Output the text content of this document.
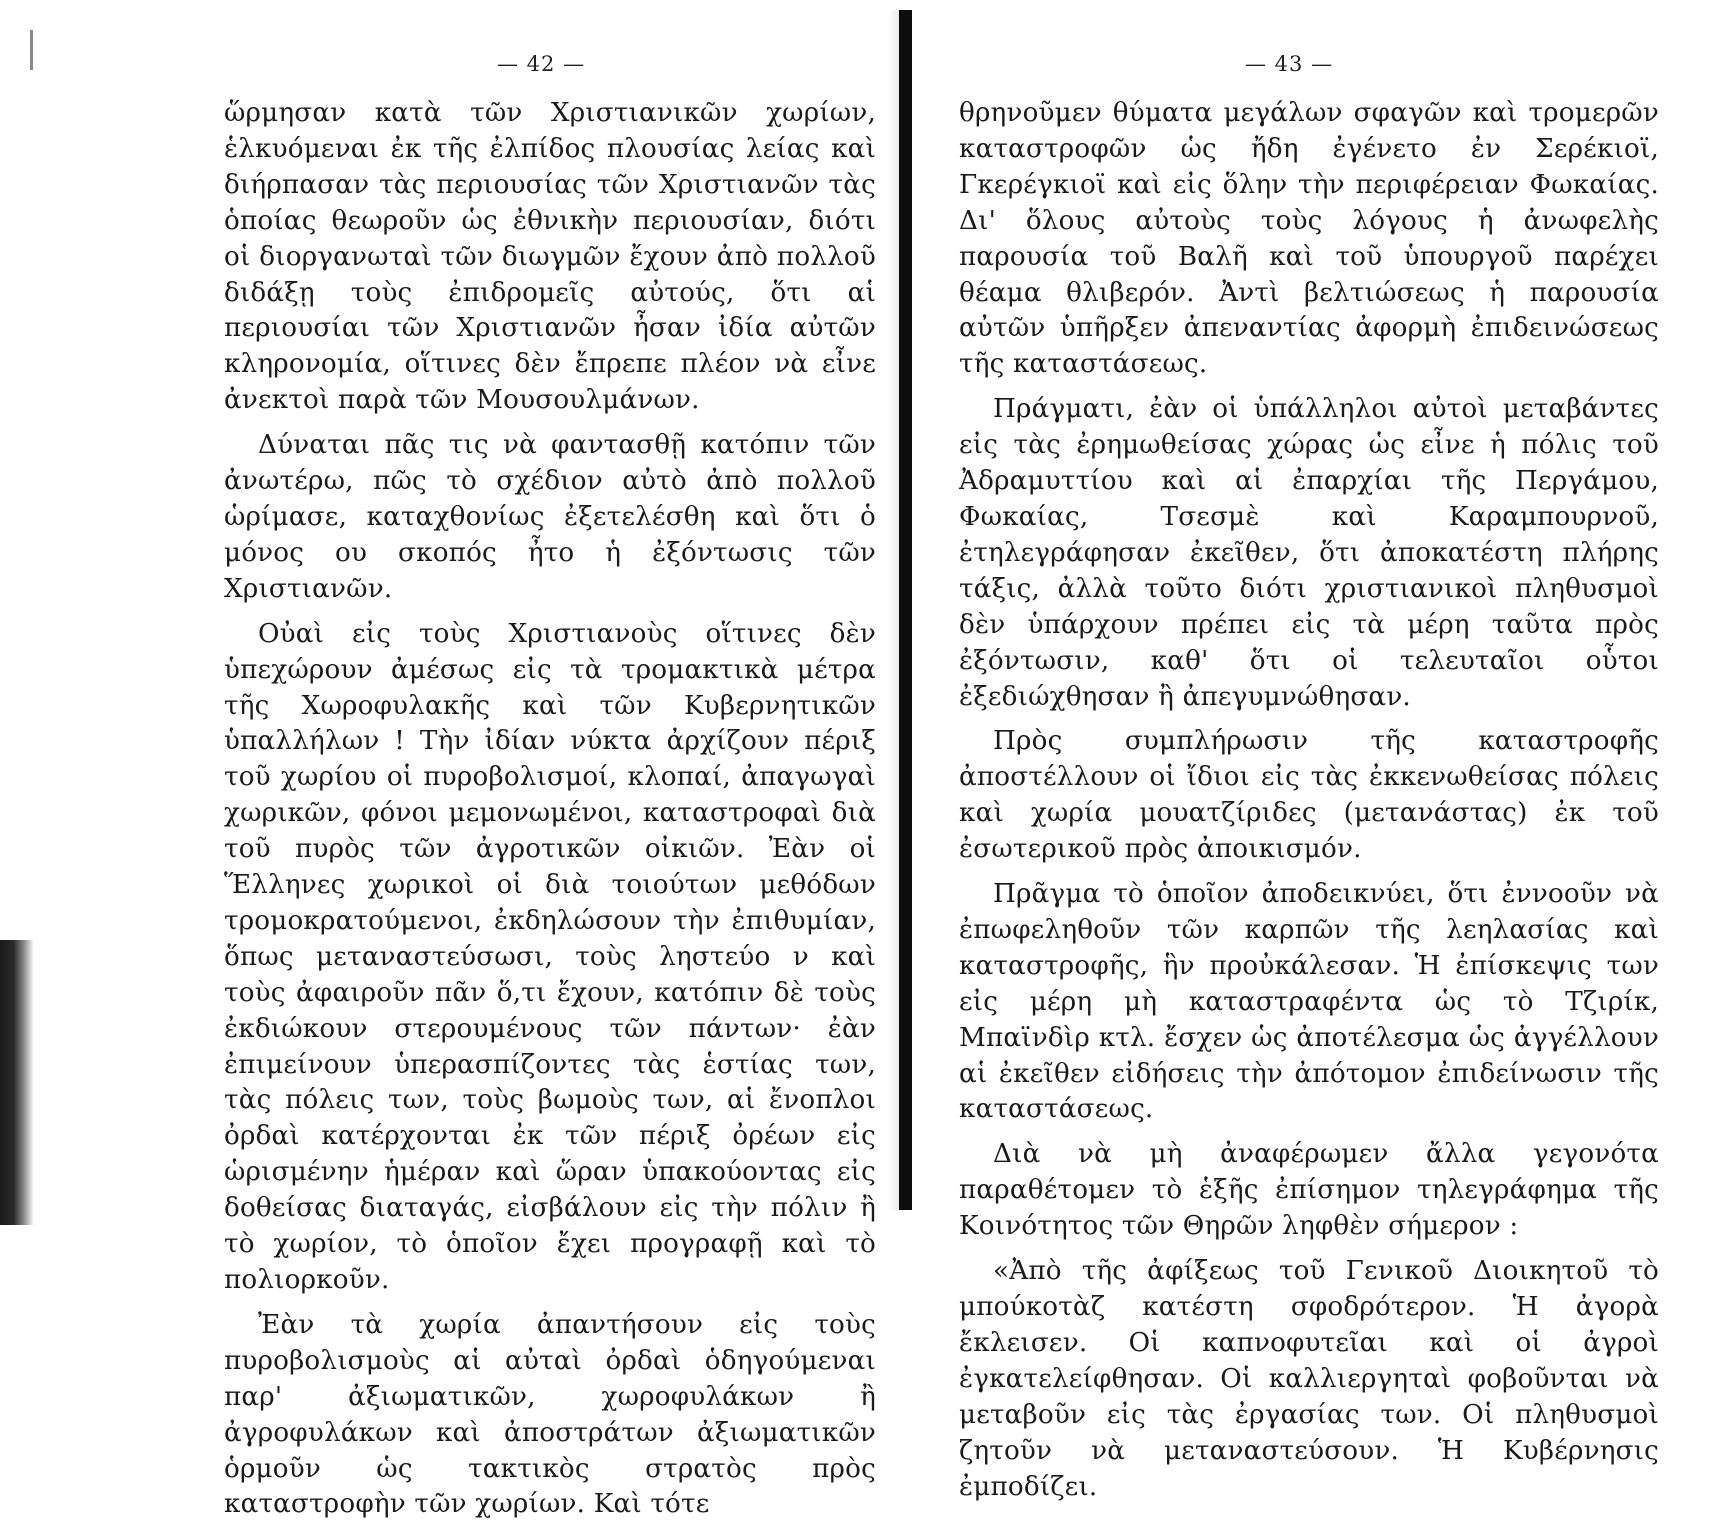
— 42 —

ὥρμησαν κατὰ τῶν Χριστιανικῶν χωρίων, ἑλκυόμεναι ἐκ τῆς ἐλπίδος πλουσίας λείας καὶ διήρπασαν τὰς περιουσίας τῶν Χριστιανῶν τὰς ὁποίας θεωροῦν ὡς ἐθνικὴν περιουσίαν, διότι οἱ διοργανωταὶ τῶν διωγμῶν ἔχουν ἀπὸ πολλοῦ διδάξῃ τοὺς ἐπιδρομεῖς αὐτούς, ὅτι αἱ περιουσίαι τῶν Χριστιανῶν ἦσαν ἰδία αὐτῶν κληρονομία, οἵτινες δὲν ἔπρεπε πλέον νὰ εἶνε ἀνεκτοὶ παρὰ τῶν Μουσουλμάνων.

Δύναται πᾶς τις νὰ φαντασθῇ κατόπιν τῶν ἀνωτέρω, πῶς τὸ σχέδιον αὐτὸ ἀπὸ πολλοῦ ὡρίμασε, καταχθονίως ἐξετελέσθη καὶ ὅτι ὁ μόνος ου σκοπός ἦτο ἡ ἐξόντωσις τῶν Χριστιανῶν.

Οὐαὶ εἰς τοὺς Χριστιανοὺς οἵτινες δὲν ὑπεχώρουν ἀμέσως εἰς τὰ τρομακτικὰ μέτρα τῆς Χωροφυλακῆς καὶ τῶν Κυβερνητικῶν ὑπαλλήλων ! Τὴν ἰδίαν νύκτα ἀρχίζουν πέριξ τοῦ χωρίου οἱ πυροβολισμοί, κλοπαί, ἀπαγωγαὶ χωρικῶν, φόνοι μεμονωμένοι, καταστροφαὶ διὰ τοῦ πυρὸς τῶν ἀγροτικῶν οἰκιῶν. Ἐὰν οἱ Ἕλληνες χωρικοὶ οἱ διὰ τοιούτων μεθόδων τρομοκρατούμενοι, ἐκδηλώσουν τὴν ἐπιθυμίαν, ὅπως μεταναστεύσωσι, τοὺς ληστεύο ν καὶ τοὺς ἀφαιροῦν πᾶν ὅ,τι ἔχουν, κατόπιν δὲ τοὺς ἐκδιώκουν στερουμένους τῶν πάντων· ἐὰν ἐπιμείνουν ὑπερασπίζοντες τὰς ἑστίας των, τὰς πόλεις των, τοὺς βωμοὺς των, αἱ ἔνοπλοι ὀρδαὶ κατέρχονται ἐκ τῶν πέριξ ὀρέων εἰς ὡρισμένην ἡμέραν καὶ ὥραν ὑπακούοντας εἰς δοθείσας διαταγάς, εἰσβάλουν εἰς τὴν πόλιν ἢ τὸ χωρίον, τὸ ὁποῖον ἔχει προγραφῇ καὶ τὸ πολιορκοῦν.

Ἐὰν τὰ χωρία ἀπαντήσουν εἰς τοὺς πυροβολισμοὺς αἱ αὐταὶ ὀρδαὶ ὁδηγούμεναι παρ' ἀξιωματικῶν, χωροφυλάκων ἢ ἀγροφυλάκων καὶ ἀποστράτων ἀξιωματικῶν ὁρμοῦν ὡς τακτικὸς στρατὸς πρὸς καταστροφὴν τῶν χωρίων. Καὶ τότε

— 43 —

θρηνοῦμεν θύματα μεγάλων σφαγῶν καὶ τρομερῶν καταστροφῶν ὡς ἤδη ἐγένετο ἐν Σερέκιοϊ, Γκερέγκιοϊ καὶ εἰς ὅλην τὴν περιφέρειαν Φωκαίας. Δι' ὅλους αὐτοὺς τοὺς λόγους ἡ ἀνωφελὴς παρουσία τοῦ Βαλῆ καὶ τοῦ ὑπουργοῦ παρέχει θέαμα θλιβερόν. Ἀντὶ βελτιώσεως ἡ παρουσία αὐτῶν ὑπῆρξεν ἀπεναντίας ἀφορμὴ ἐπιδεινώσεως τῆς καταστάσεως.

Πράγματι, ἐὰν οἱ ὑπάλληλοι αὐτοὶ μεταβάντες εἰς τὰς ἐρημωθείσας χώρας ὡς εἶνε ἡ πόλις τοῦ Ἀδραμυττίου καὶ αἱ ἐπαρχίαι τῆς Περγάμου, Φωκαίας, Τσεσμὲ καὶ Καραμπουρνοῦ, ἐτηλεγράφησαν ἐκεῖθεν, ὅτι ἀποκατέστη πλήρης τάξις, ἀλλὰ τοῦτο διότι χριστιανικοὶ πληθυσμοὶ δὲν ὑπάρχουν πρέπει εἰς τὰ μέρη ταῦτα πρὸς ἐξόντωσιν, καθ' ὅτι οἱ τελευταῖοι οὗτοι ἐξεδιώχθησαν ἢ ἀπεγυμνώθησαν.

Πρὸς συμπλήρωσιν τῆς καταστροφῆς ἀποστέλλουν οἱ ἴδιοι εἰς τὰς ἐκκενωθείσας πόλεις καὶ χωρία μουατζίριδες (μετανάστας) ἐκ τοῦ ἐσωτερικοῦ πρὸς ἀποικισμόν.

Πρᾶγμα τὸ ὁποῖον ἀποδεικνύει, ὅτι ἐννοοῦν νὰ ἐπωφεληθοῦν τῶν καρπῶν τῆς λεηλασίας καὶ καταστροφῆς, ἣν προὐκάλεσαν. Ἡ ἐπίσκεψις των εἰς μέρη μὴ καταστραφέντα ὡς τὸ Τζιρίκ, Μπαϊνδὶρ κτλ. ἔσχεν ὡς ἀποτέλεσμα ὡς ἀγγέλλουν αἱ ἐκεῖθεν εἰδήσεις τὴν ἀπότομον ἐπιδείνωσιν τῆς καταστάσεως.

Διὰ νὰ μὴ ἀναφέρωμεν ἄλλα γεγονότα παραθέτομεν τὸ ἑξῆς ἐπίσημον τηλεγράφημα τῆς Κοινότητος τῶν Θηρῶν ληφθὲν σήμερον :

«Ἀπὸ τῆς ἀφίξεως τοῦ Γενικοῦ Διοικητοῦ τὸ μπούκοτὰζ κατέστη σφοδρότερον. Ἡ ἀγορὰ ἔκλεισεν. Οἱ καπνοφυτεῖαι καὶ οἱ ἀγροὶ ἐγκατελείφθησαν. Οἱ καλλιεργηταὶ φοβοῦνται νὰ μεταβοῦν εἰς τὰς ἐργασίας των. Οἱ πληθυσμοὶ ζητοῦν νὰ μεταναστεύσουν. Ἡ Κυβέρνησις ἐμποδίζει.
